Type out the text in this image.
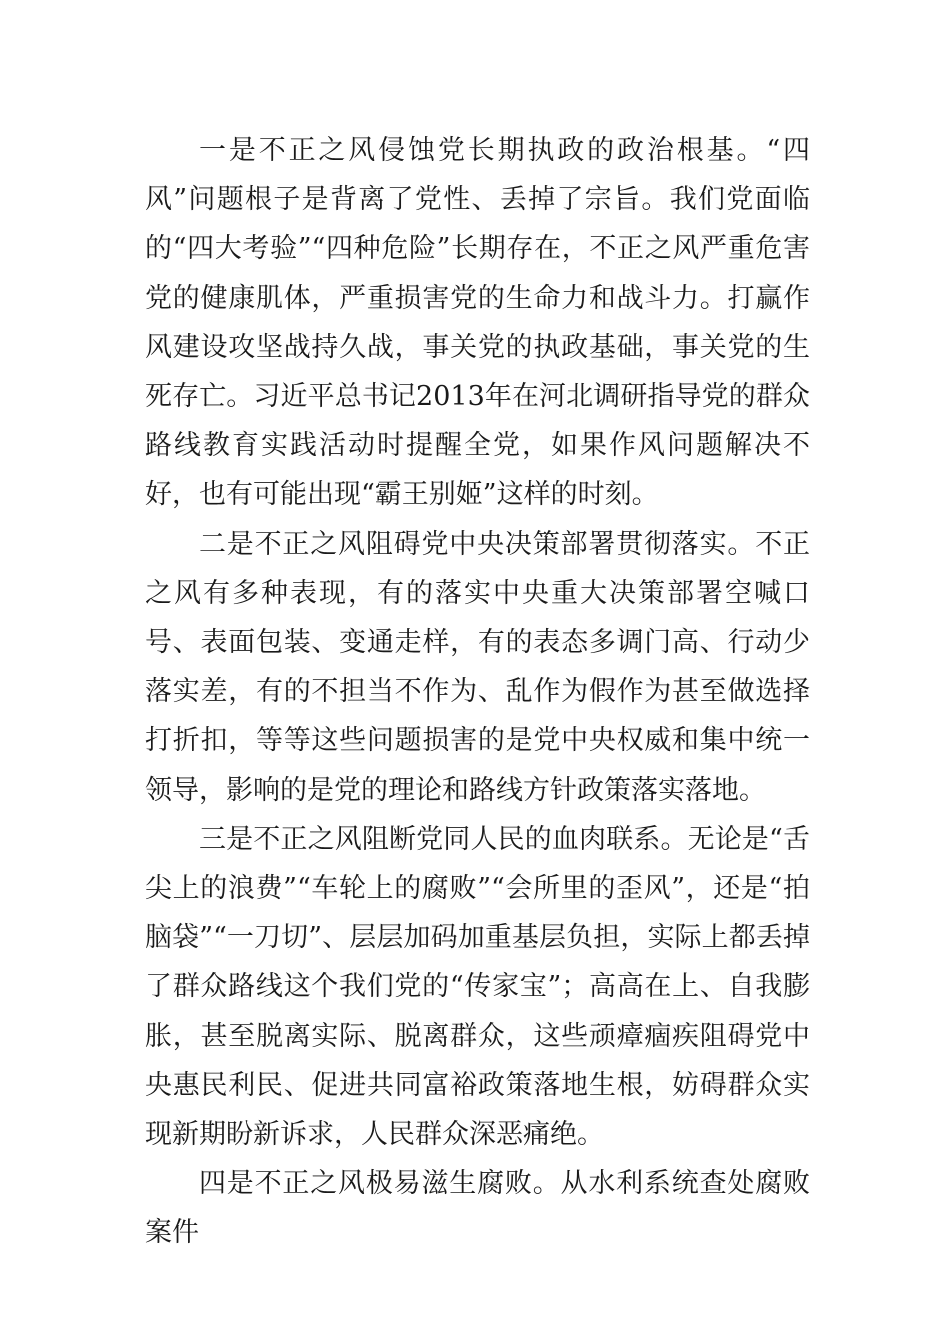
一是不正之风侵蚀党长期执政的政治根基。“四风”问题根子是背离了党性、丢掉了宗旨。我们党面临的“四大考验”“四种危险”长期存在，不正之风严重危害党的健康肌体，严重损害党的生命力和战斗力。打赢作风建设攻坚战持久战，事关党的执政基础，事关党的生死存亡。习近平总书记2013年在河北调研指导党的群众路线教育实践活动时提醒全党，如果作风问题解决不好，也有可能出现“霸王别姬”这样的时刻。

二是不正之风阻碍党中央决策部署贯彻落实。不正之风有多种表现，有的落实中央重大决策部署空喊口号、表面包装、变通走样，有的表态多调门高、行动少落实差，有的不担当不作为、乱作为假作为甚至做选择打折扣，等等这些问题损害的是党中央权威和集中统一领导，影响的是党的理论和路线方针政策落实落地。

三是不正之风阻断党同人民的血肉联系。无论是“舌尖上的浪费”“车轮上的腐败”“会所里的歪风”，还是“拍脑袋”“一刀切”、层层加码加重基层负担，实际上都丢掉了群众路线这个我们党的“传家宝”；高高在上、自我膨胀，甚至脱离实际、脱离群众，这些顽瘴痼疾阻碍党中央惠民利民、促进共同富裕政策落地生根，妨碍群众实现新期盼新诉求，人民群众深恶痛绝。

四是不正之风极易滋生腐败。从水利系统查处腐败案件
